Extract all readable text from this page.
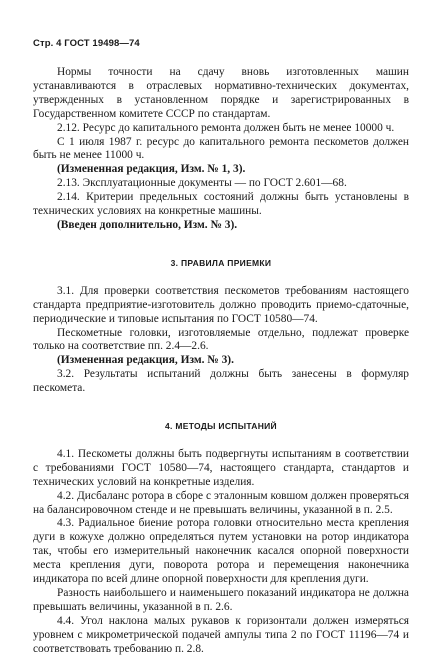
Стр. 4 ГОСТ 19498—74

Нормы точности на сдачу вновь изготовленных машин устанавливаются в отраслевых нормативно-технических документах, утвержденных в установленном порядке и зарегистрированных в Государственном комитете СССР по стандартам.

2.12. Ресурс до капитального ремонта должен быть не менее 10000 ч.

С 1 июля 1987 г. ресурс до капитального ремонта пескометов должен быть не менее 11000 ч.

(Измененная редакция, Изм. № 1, 3).

2.13. Эксплуатационные документы — по ГОСТ 2.601—68.

2.14. Критерии предельных состояний должны быть установлены в технических условиях на конкретные машины.

(Введен дополнительно, Изм. № 3).

3. ПРАВИЛА ПРИЕМКИ

3.1. Для проверки соответствия пескометов требованиям настоящего стандарта предприятие-изготовитель должно проводить приемо-сдаточные, периодические и типовые испытания по ГОСТ 10580—74.

Пескометные головки, изготовляемые отдельно, подлежат проверке только на соответствие пп. 2.4—2.6.

(Измененная редакция, Изм. № 3).

3.2. Результаты испытаний должны быть занесены в формуляр пескомета.

4. МЕТОДЫ ИСПЫТАНИЙ

4.1. Пескометы должны быть подвергнуты испытаниям в соответствии с требованиями ГОСТ 10580—74, настоящего стандарта, стандартов и технических условий на конкретные изделия.

4.2. Дисбаланс ротора в сборе с эталонным ковшом должен проверяться на балансировочном стенде и не превышать величины, указанной в п. 2.5.

4.3. Радиальное биение ротора головки относительно места крепления дуги в кожухе должно определяться путем установки на ротор индикатора так, чтобы его измерительный наконечник касался опорной поверхности места крепления дуги, поворота ротора и перемещения наконечника индикатора по всей длине опорной поверхности для крепления дуги.

Разность наибольшего и наименьшего показаний индикатора не должна превышать величины, указанной в п. 2.6.

4.4. Угол наклона малых рукавов к горизонтали должен измеряться уровнем с микрометрической подачей ампулы типа 2 по ГОСТ 11196—74 и соответствовать требованию п. 2.8.
